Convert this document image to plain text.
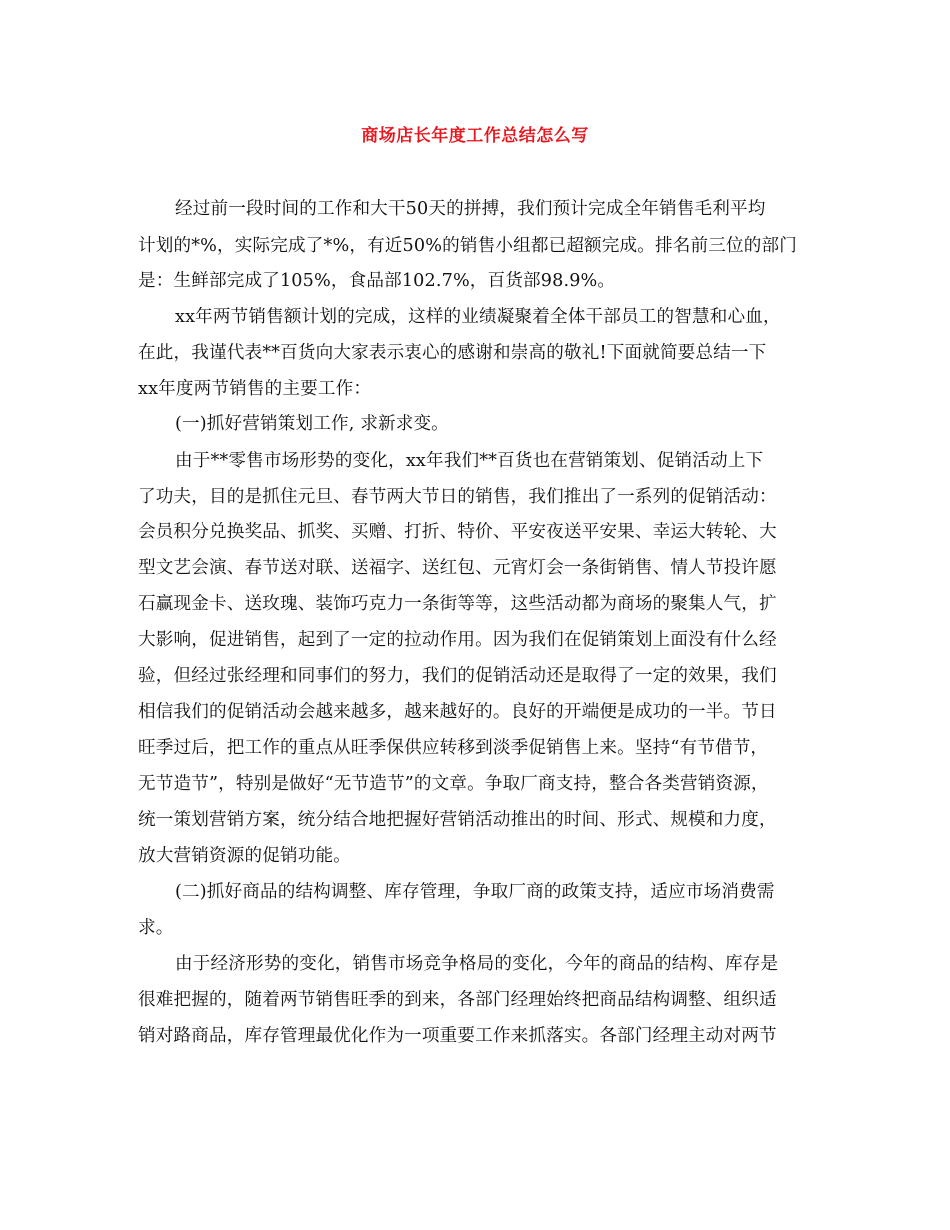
商场店长年度工作总结怎么写
经过前一段时间的工作和大干50天的拼搏，我们预计完成全年销售毛利平均
计划的*%，实际完成了*%，有近50%的销售小组都已超额完成。排名前三位的部门
是：生鲜部完成了105%，食品部102.7%，百货部98.9%。
xx年两节销售额计划的完成，这样的业绩凝聚着全体干部员工的智慧和心血，
在此，我谨代表**百货向大家表示衷心的感谢和崇高的敬礼!下面就简要总结一下
xx年度两节销售的主要工作：
(一)抓好营销策划工作, 求新求变。
由于**零售市场形势的变化，xx年我们**百货也在营销策划、促销活动上下
了功夫，目的是抓住元旦、春节两大节日的销售，我们推出了一系列的促销活动：
会员积分兑换奖品、抓奖、买赠、打折、特价、平安夜送平安果、幸运大转轮、大
型文艺会演、春节送对联、送福字、送红包、元宵灯会一条街销售、情人节投许愿
石赢现金卡、送玫瑰、装饰巧克力一条街等等，这些活动都为商场的聚集人气，扩
大影响，促进销售，起到了一定的拉动作用。因为我们在促销策划上面没有什么经
验，但经过张经理和同事们的努力，我们的促销活动还是取得了一定的效果，我们
相信我们的促销活动会越来越多，越来越好的。良好的开端便是成功的一半。节日
旺季过后，把工作的重点从旺季保供应转移到淡季促销售上来。坚持“有节借节，
无节造节”，特别是做好“无节造节”的文章。争取厂商支持，整合各类营销资源，
统一策划营销方案，统分结合地把握好营销活动推出的时间、形式、规模和力度，
放大营销资源的促销功能。
(二)抓好商品的结构调整、库存管理，争取厂商的政策支持，适应市场消费需
求。
由于经济形势的变化，销售市场竞争格局的变化，今年的商品的结构、库存是
很难把握的，随着两节销售旺季的到来，各部门经理始终把商品结构调整、组织适
销对路商品，库存管理最优化作为一项重要工作来抓落实。各部门经理主动对两节
